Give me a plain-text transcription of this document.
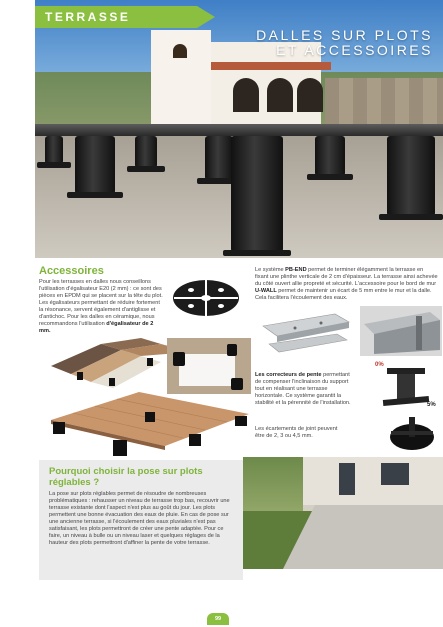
TERRASSE
DALLES SUR PLOTS
ET ACCESSOIRES
Accessoires

Pour les terrasses en dalles nous conseillons l'utilisation d'égalisateur E20 (2 mm) : ce sont des pièces en EPDM qui se placent sur la tête du plot. Les égalisateurs permettant de réduire fortement la résonance, servent également d'antiglisse et d'antichoc. Pour les dalles en céramique, nous recommandons l'utilisation d'égalisateur de 2 mm.

Le système PB-END permet de terminer élégamment la terrasse en fixant une plinthe verticale de 2 cm d'épaisseur. La terrasse ainsi achevée du côté ouvert allie propreté et sécurité. L'accessoire pour le bord de mur U-WALL permet de maintenir un écart de 5 mm entre le mur et la dalle. Cela facilitera l'écoulement des eaux.

Les correcteurs de pente permettant de compenser l'inclinaison du support tout en réalisant une terrasse horizontale. Ce système garantit la stabilité et la pérennité de l'installation.

0%
5%

Les écartements de joint peuvent être de 2, 3 ou 4,5 mm.

Pourquoi choisir la pose sur plots réglables ?

La pose sur plots réglables permet de résoudre de nombreuses problématiques : rehausser un niveau de terrasse trop bas, recouvrir une terrasse existante dont l'aspect n'est plus au goût du jour. Les plots permettent une bonne évacuation des eaux de pluie. En cas de pose sur une ancienne terrasse, si l'écoulement des eaux pluviales n'est pas satisfaisant, les plots permettront de créer une pente adaptée. Pour ce faire, un niveau à bulle ou un niveau laser et quelques réglages de la hauteur des plots permettront d'affiner la pente de votre terrasse.

99
